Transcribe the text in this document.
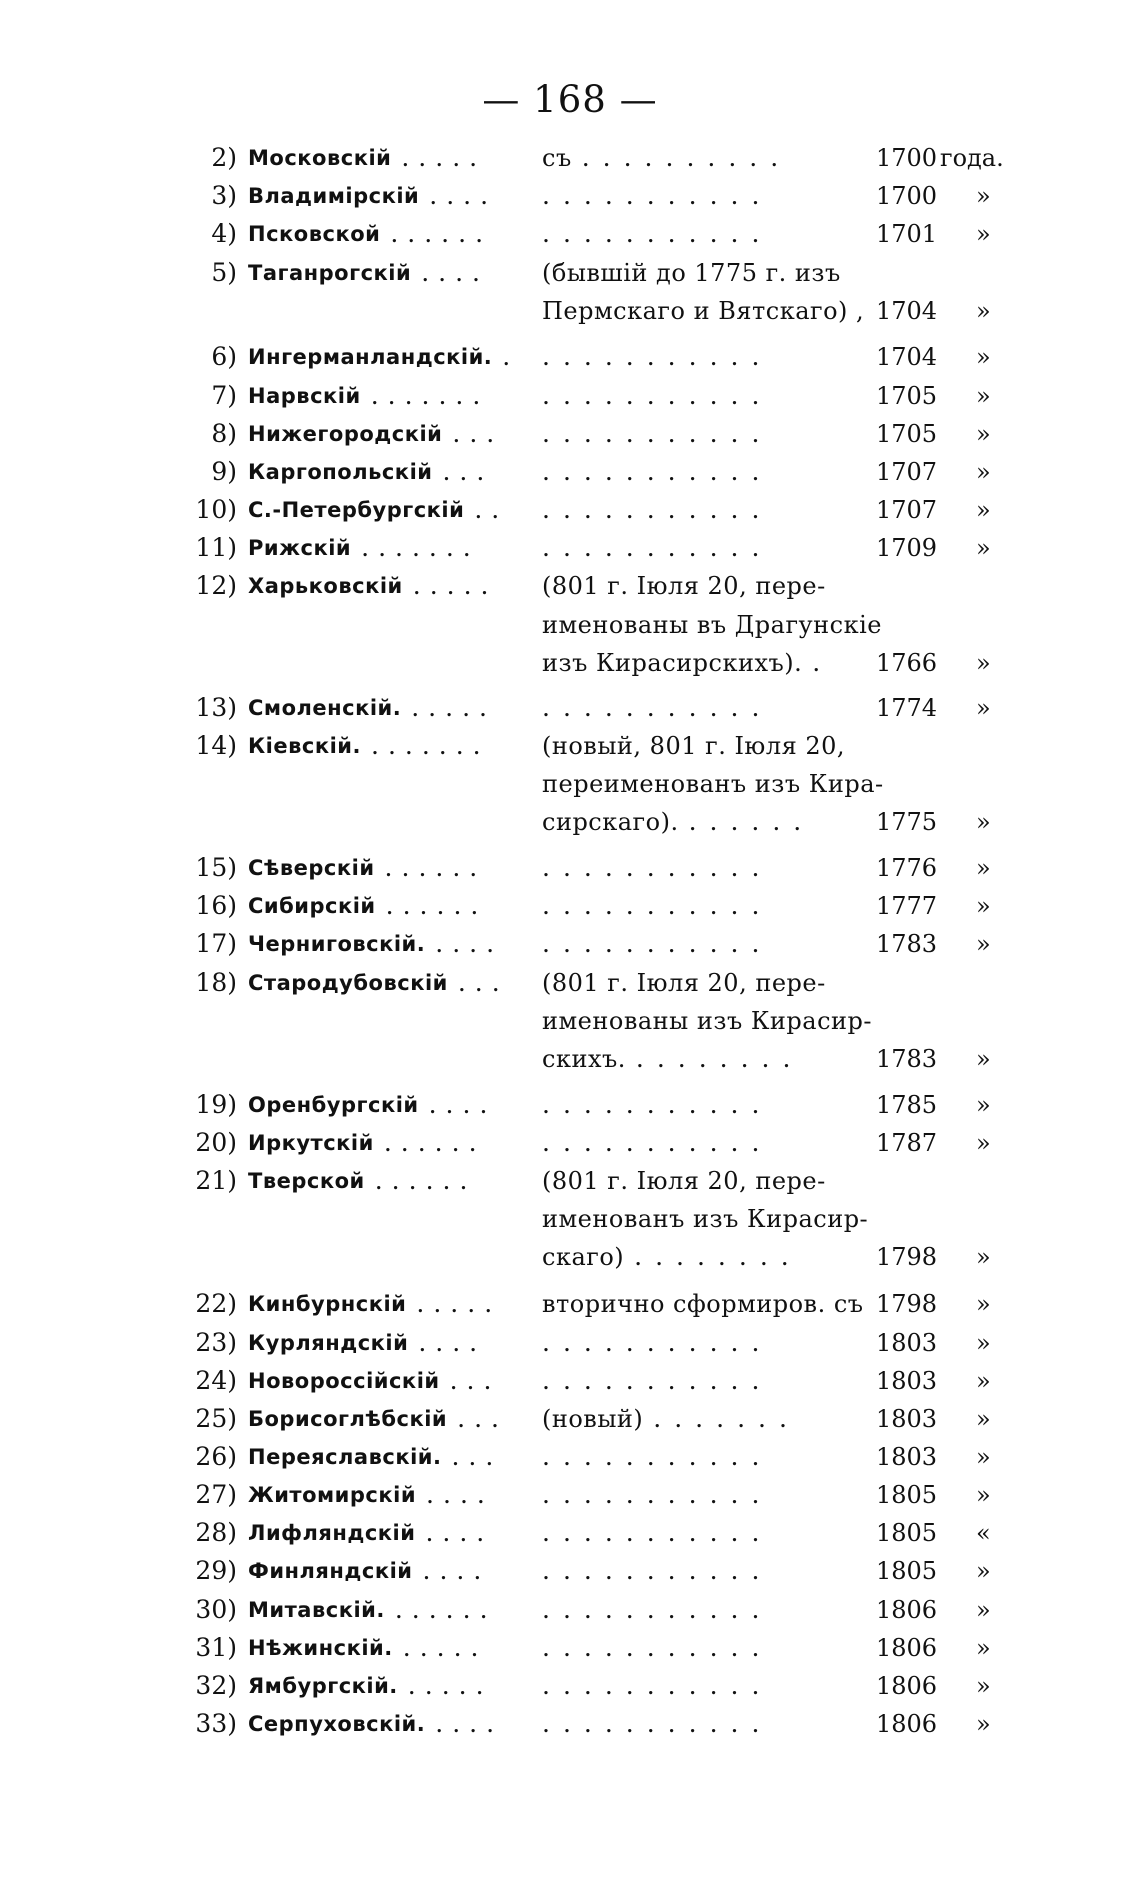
— 168 —
2) Московскій .....	съ ..........	1700 года.
3) Владимірскій ....	...........	1700 »
4) Псковской ......	...........	1701 »
5) Таганрогскій ....	(бывшій до 1775 г. изъ
Пермскаго и Вятскаго) , 1704 »
6) Ингерманландскій. . ...........	1704 »
7) Нарвскій .......	...........	1705 »
8) Нижегородскій ...	...........	1705 »
9) Каргопольскій ...	...........	1707 »
10) С.-Петербургскій ..	...........	1707 »
11) Рижскій .......	...........	1709 »
12) Харьковскій .....	(801 г. Іюля 20, пере-
именованы въ Драгунскіе
изъ Кирасирскихъ). .	1766 »
13) Смоленскій. .....	...........	1774 »
14) Кіевскій. .......	(новый, 801 г. Іюля 20,
переименованъ изъ Кира-
сирскаго). ......	1775 »
15) Сѣверскій ......	...........	1776 »
16) Сибирскій ......	...........	1777 »
17) Черниговскій. ....	...........	1783 »
18) Стародубовскій ...	(801 г. Іюля 20, пере-
именованы изъ Кирасир-
скихъ. ........	1783 »
19) Оренбургскій ....	...........	1785 »
20) Иркутскій ......	...........	1787 »
21) Тверской ......	(801 г. Іюля 20, пере-
именованъ изъ Кирасир-
скаго) ........	1798 »
22) Кинбурнскій .....	вторично сформиров. съ 1798 »
23) Курляндскій ....	...........	1803 »
24) Новороссійскій ...	...........	1803 »
25) Борисоглѣбскій ...	(новый) .......	1803 »
26) Переяславскій. ...	...........	1803 »
27) Житомирскій ....	...........	1805 »
28) Лифляндскій ....	...........	1805 «
29) Финляндскій ....	...........	1805 »
30) Митавскій. ......	...........	1806 »
31) Нѣжинскій. .....	...........	1806 »
32) Ямбургскій. .....	...........	1806 »
33) Серпуховскій. ....	...........	1806 »
